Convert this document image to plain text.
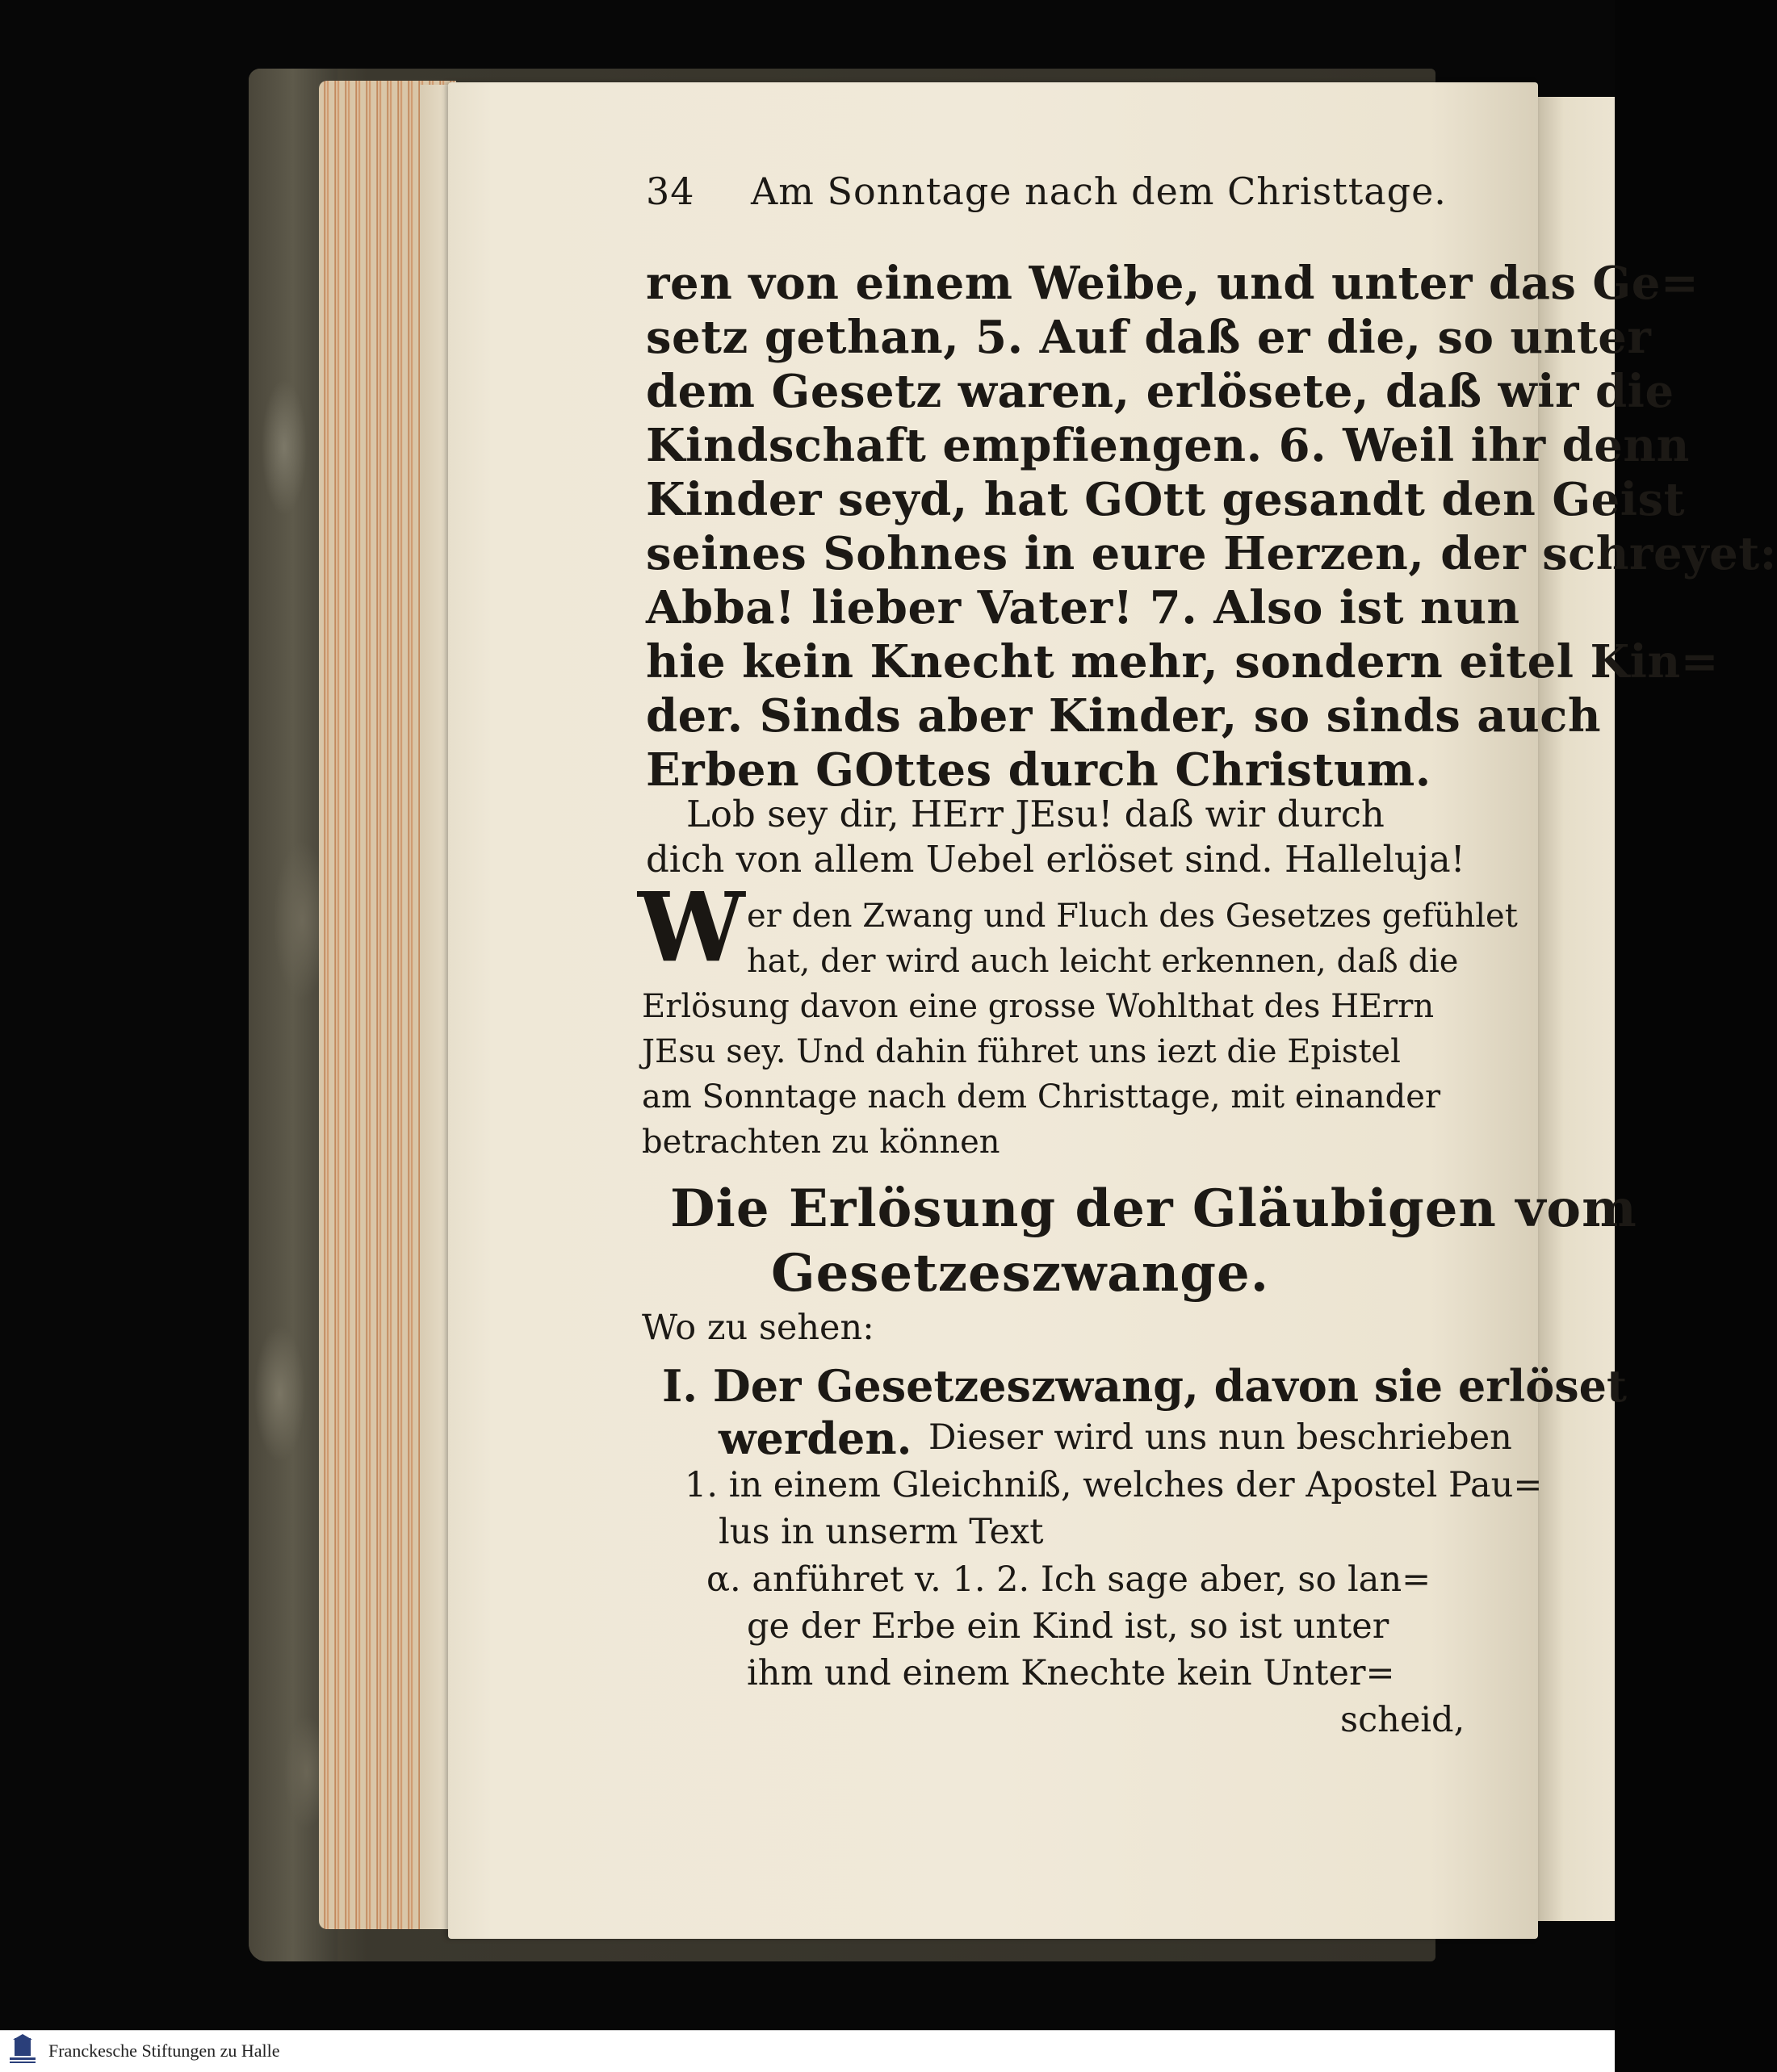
34 Am Sonntage nach dem Christtage.
ren von einem Weibe, und unter das Ge=
setz gethan, 5. Auf daß er die, so unter
dem Gesetz waren, erlösete, daß wir die
Kindschaft empfiengen. 6. Weil ihr denn
Kinder seyd, hat GOtt gesandt den Geist
seines Sohnes in eure Herzen, der schreyet:
Abba! lieber Vater! 7. Also ist nun
hie kein Knecht mehr, sondern eitel Kin=
der. Sinds aber Kinder, so sinds auch
Erben GOttes durch Christum.
Lob sey dir, HErr JEsu! daß wir durch
dich von allem Uebel erlöset sind. Halleluja!
W er den Zwang und Fluch des Gesetzes gefühlet
hat, der wird auch leicht erkennen, daß die
Erlösung davon eine grosse Wohlthat des HErrn
JEsu sey. Und dahin führet uns iezt die Epistel
am Sonntage nach dem Christtage, mit einander
betrachten zu können
Die Erlösung der Gläubigen vom
Gesetzeszwange.
Wo zu sehen:
I. Der Gesetzeszwang, davon sie erlöset
werden. Dieser wird uns nun beschrieben
1. in einem Gleichniß, welches der Apostel Pau=
lus in unserm Text
α. anführet v. 1. 2. Ich sage aber, so lan=
ge der Erbe ein Kind ist, so ist unter
ihm und einem Knechte kein Unter=
scheid,
Franckesche Stiftungen zu Halle
